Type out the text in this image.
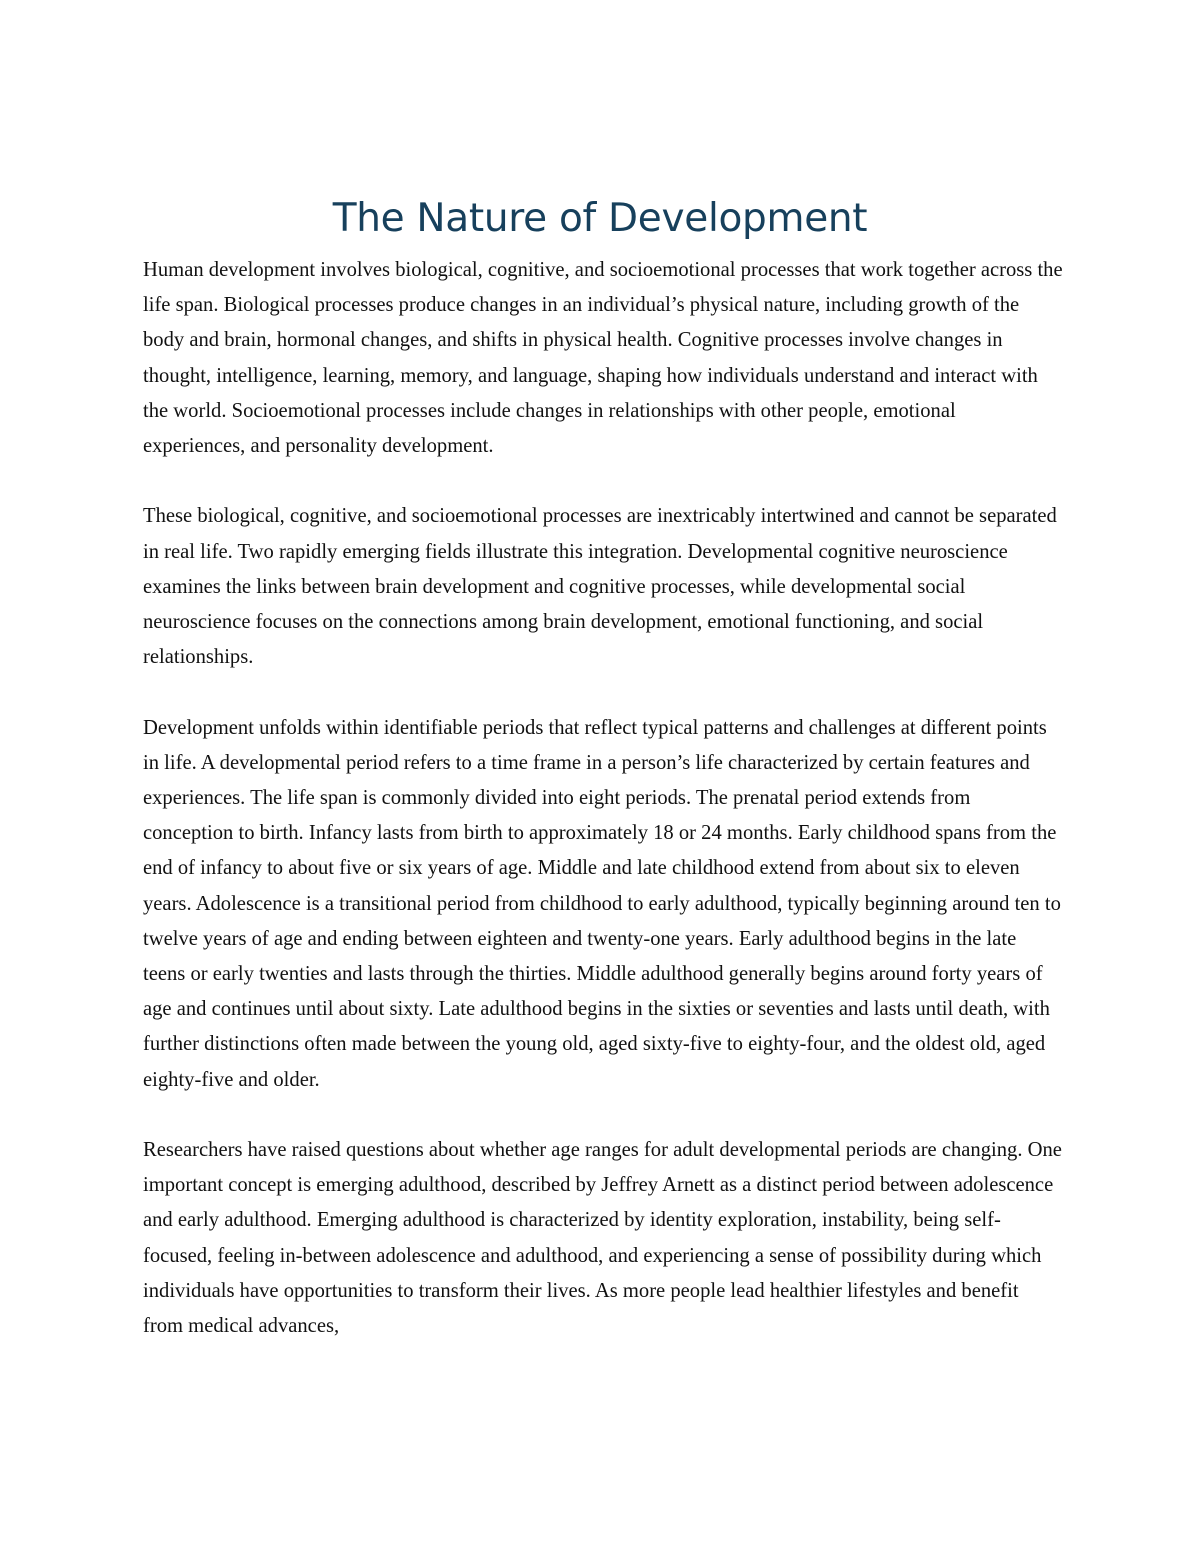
The Nature of Development

Human development involves biological, cognitive, and socioemotional processes that work together across the life span. Biological processes produce changes in an individual’s physical nature, including growth of the body and brain, hormonal changes, and shifts in physical health. Cognitive processes involve changes in thought, intelligence, learning, memory, and language, shaping how individuals understand and interact with the world. Socioemotional processes include changes in relationships with other people, emotional experiences, and personality development.

These biological, cognitive, and socioemotional processes are inextricably intertwined and cannot be separated in real life. Two rapidly emerging fields illustrate this integration. Developmental cognitive neuroscience examines the links between brain development and cognitive processes, while developmental social neuroscience focuses on the connections among brain development, emotional functioning, and social relationships.

Development unfolds within identifiable periods that reflect typical patterns and challenges at different points in life. A developmental period refers to a time frame in a person’s life characterized by certain features and experiences. The life span is commonly divided into eight periods. The prenatal period extends from conception to birth. Infancy lasts from birth to approximately 18 or 24 months. Early childhood spans from the end of infancy to about five or six years of age. Middle and late childhood extend from about six to eleven years. Adolescence is a transitional period from childhood to early adulthood, typically beginning around ten to twelve years of age and ending between eighteen and twenty-one years. Early adulthood begins in the late teens or early twenties and lasts through the thirties. Middle adulthood generally begins around forty years of age and continues until about sixty. Late adulthood begins in the sixties or seventies and lasts until death, with further distinctions often made between the young old, aged sixty-five to eighty-four, and the oldest old, aged eighty-five and older.

Researchers have raised questions about whether age ranges for adult developmental periods are changing. One important concept is emerging adulthood, described by Jeffrey Arnett as a distinct period between adolescence and early adulthood. Emerging adulthood is characterized by identity exploration, instability, being self-focused, feeling in-between adolescence and adulthood, and experiencing a sense of possibility during which individuals have opportunities to transform their lives. As more people lead healthier lifestyles and benefit from medical advances,
